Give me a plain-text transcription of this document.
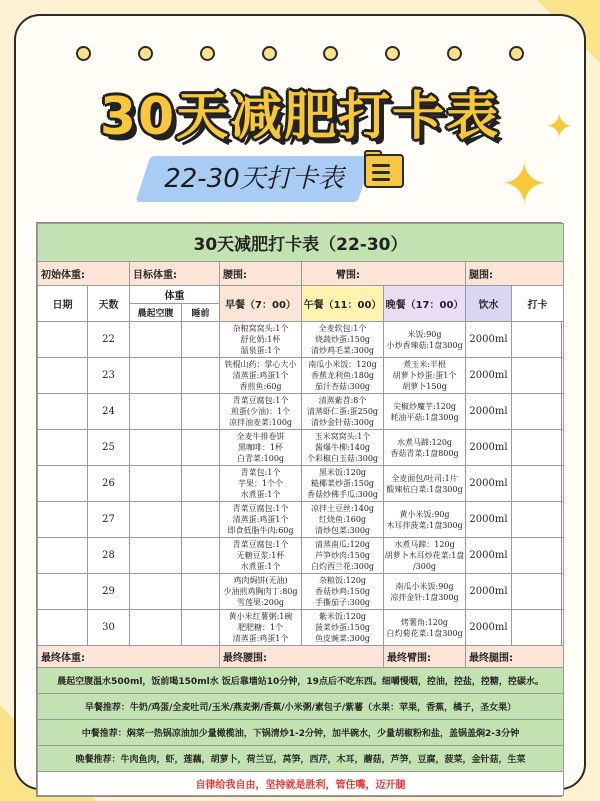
30天减肥打卡表	✦
✦
22-30天打卡表
30天减肥打卡表（22-30）								
初始体重:		目标体重:		腰围:	臂围:		腿围:	
日期	天数	体重		早餐（7：00）	午餐（11：00）	晚餐（17：00）	饮水	打卡
		晨起空腹	睡前					
	22			杂粮窝窝头:1个
舒化奶:1杯
温泉蛋:1个	全麦软包:1个
烧蔬炒蛋:150g
清炒鸡毛菜:300g	米饭:90g
小炒香辣菇:1盘300g	2000ml	
	23			铁棍山药：掌心大小
清蒸蛋:鸡蛋1个
香煎鱼:60g	南瓜小米饭：120g
香蕉龙利鱼:180g
茄汁杏菇:300g	煮玉米:半根
胡萝卜炒蛋:蛋1个
胡萝卜150g	2000ml	
	24			青菜豆腐包:1个
煎蛋(少油)：1个
凉拌油麦菜:100g	清蒸紫苕:8个
清蒸虾仁蛋:蛋250g
清炒金针菇:300g	尖椒炒魔芋:120g
耗油平菇:1盘300g	2000ml	
	25			全麦牛排卷饼
黑咖啡：1杯
白青菜:100g	玉米窝窝头:1个
酱爆牛柳:140g
个彩椒白玉菇:300g	水煮马蹄:120g
香菇青菜:1盘800g	2000ml	
	26			青菜包:1个
芋果：1个个
水煮蛋:1个	黑米饭:120g
糙椰菜炒蛋:150g
香菇炒佛手瓜:300g	全麦面包/吐司:1片
酸辣杭白菜:1盘300g	2000ml	
	27			青菜豆腐包:1个
清蒸蛋:鸡蛋1个
即食低脂牛肉:60g	凉拌土豆丝:140g
红烧鱼:160g
清炒包菜:300g	黄小米饭:90g
木耳拌菠菜:1盘300g	2000ml	
	28			青菜豆腐包:1个
无糖豆浆:1杯
水煮蛋:1个	清蒸南瓜:120g
芦笋炒肉:150g
白灼西兰花:300g	水煮马蹄：120g
胡萝卜木耳炒花菜:1盘
/300g	2000ml	
	29			鸡肉焗饼(无油)
少油煎鸡胸肉丁:80g
雪莲果:200g	杂粮饭:120g
香菇炒鸡:150g
手撕茄子:300g	南瓜小米饭:90g
凉拌金针:1盘300g	2000ml	
	30			黄小米红薯粥:1碗
肥肥糖：1个
清蒸蛋:鸡蛋1个	紫米饭:120g
菠菜炒蛋:150g
鱼皮豌菜:300g	烤薯角:120g
白灼菊花菜:1盘300g	2000ml	
最终体重:				最终腰围:		最终臂围:	最终腿围:	
晨起空腹温水500ml，饭前喝150ml水 饭后靠墙站10分钟，19点后不吃东西。细嚼慢咽，控油，控盐，控糖，控碳水。								
早餐推荐：牛奶/鸡蛋/全麦吐司/玉米/燕麦粥/香蕉/小米粥/素包子/紫薯（水果：苹果，香蕉，橘子，圣女果）								
中餐推荐：焖菜一热锅凉油加少量橄榄油，下锅清炒1-2分钟，加半碗水，少量胡椒粉和盐，盖锅盖焖2-3分钟								
晚餐推荐：牛肉鱼肉，虾，莲藕，胡萝卜，荷兰豆，莴笋，西芹，木耳，蘑菇，芦笋，豆腐，菠菜，金针菇，生菜								
自律给我自由，坚持就是胜利，管住嘴，迈开腿								
